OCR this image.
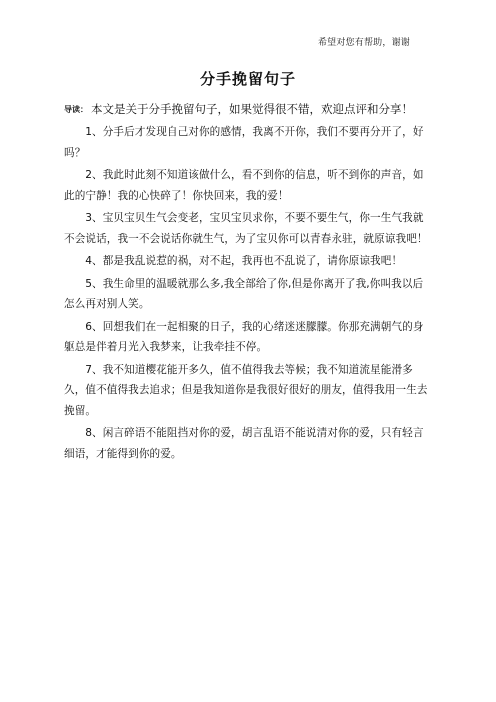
希望对您有帮助，谢谢
分手挽留句子

导读： 本文是关于分手挽留句子，如果觉得很不错，欢迎点评和分享！

1、分手后才发现自己对你的感情，我离不开你，我们不要再分开了，好吗？

2、我此时此刻不知道该做什么，看不到你的信息，听不到你的声音，如此的宁静！我的心快碎了！你快回来，我的爱！

3、宝贝宝贝生气会变老，宝贝宝贝求你，不要不要生气，你一生气我就不会说话，我一不会说话你就生气，为了宝贝你可以青春永驻，就原谅我吧！

4、都是我乱说惹的祸，对不起，我再也不乱说了，请你原谅我吧！

5、我生命里的温暖就那么多,我全部给了你,但是你离开了我,你叫我以后怎么再对别人笑。

6、回想我们在一起相聚的日子，我的心绪迷迷朦朦。你那充满朝气的身躯总是伴着月光入我梦来，让我牵挂不停。

7、我不知道樱花能开多久，值不值得我去等候；我不知道流星能滑多久，值不值得我去追求；但是我知道你是我很好很好的朋友，值得我用一生去挽留。

8、闲言碎语不能阻挡对你的爱，胡言乱语不能说清对你的爱，只有轻言细语，才能得到你的爱。
